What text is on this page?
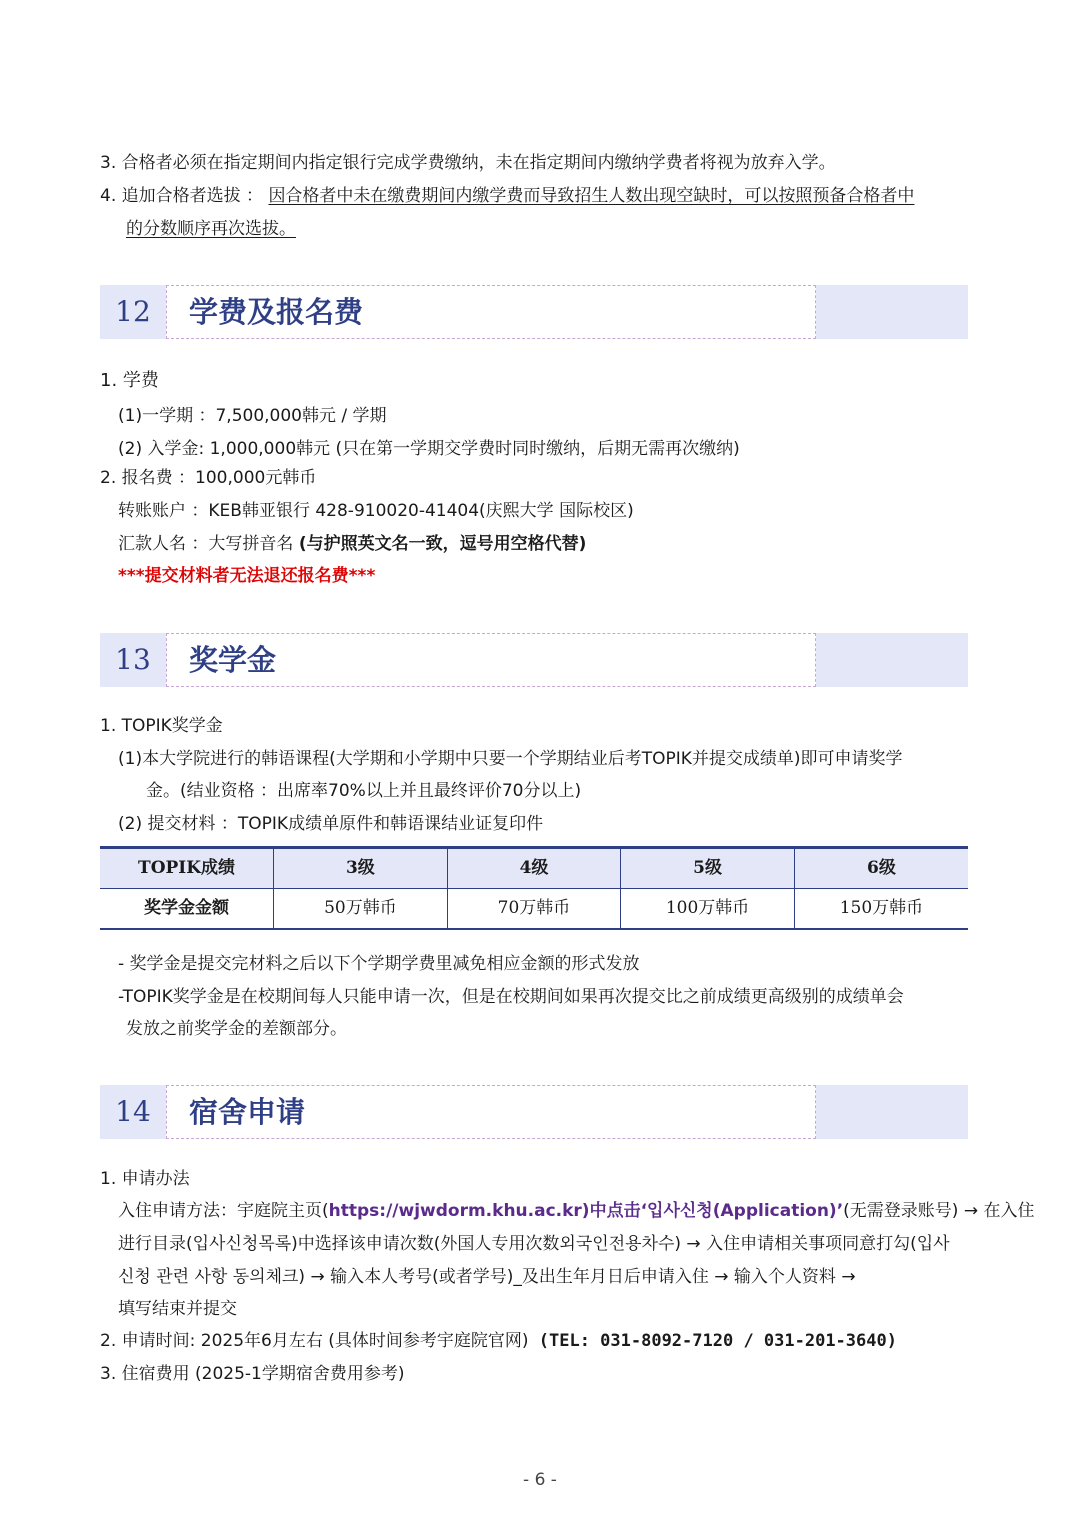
3. 合格者必须在指定期间内指定银行完成学费缴纳，未在指定期间内缴纳学费者将视为放弃入学。
4. 追加合格者选拔 ： 因合格者中未在缴费期间内缴学费而导致招生人数出现空缺时，可以按照预备合格者中
的分数顺序再次选拔。
12	学费及报名费
1. 学费
(1)一学期 ：7,500,000韩元 / 学期
(2) 入学金: 1,000,000韩元 (只在第一学期交学费时同时缴纳，后期无需再次缴纳)
2. 报名费 ：100,000元韩币
转账账户 ：KEB韩亚银行 428-910020-41404(庆熙大学 国际校区)
汇款人名 ：大写拼音名 (与护照英文名一致，逗号用空格代替)
***提交材料者无法退还报名费***
13	奖学金
1. TOPIK奖学金
(1)本大学院进行的韩语课程(大学期和小学期中只要一个学期结业后考TOPIK并提交成绩单)即可申请奖学
金。(结业资格 ：出席率70%以上并且最终评价70分以上)
(2) 提交材料 ：TOPIK成绩单原件和韩语课结业证复印件
TOPIK成绩	3级	4级	5级	6级
奖学金金额	50万韩币	70万韩币	100万韩币	150万韩币
- 奖学金是提交完材料之后以下个学期学费里减免相应金额的形式发放
-TOPIK奖学金是在校期间每人只能申请一次，但是在校期间如果再次提交比之前成绩更高级别的成绩单会
发放之前奖学金的差额部分。
14	宿舍申请
1. 申请办法
入住申请方法：宇庭院主页(https://wjwdorm.khu.ac.kr)中点击‘입사신청(Application)’(无需登录账号) → 在入住
进行目录(입사신청목록)中选择该申请次数(外国人专用次数외국인전용차수) → 入住申请相关事项同意打勾(입사
신청 관련 사항 동의체크) → 输入本人考号(或者学号)_及出生年月日后申请入住 → 输入个人资料 →
填写结束并提交
2. 申请时间: 2025年6月左右 (具体时间参考宇庭院官网) (TEL: 031-8092-7120 / 031-201-3640)
3. 住宿费用 (2025-1学期宿舍费用参考)
- 6 -
